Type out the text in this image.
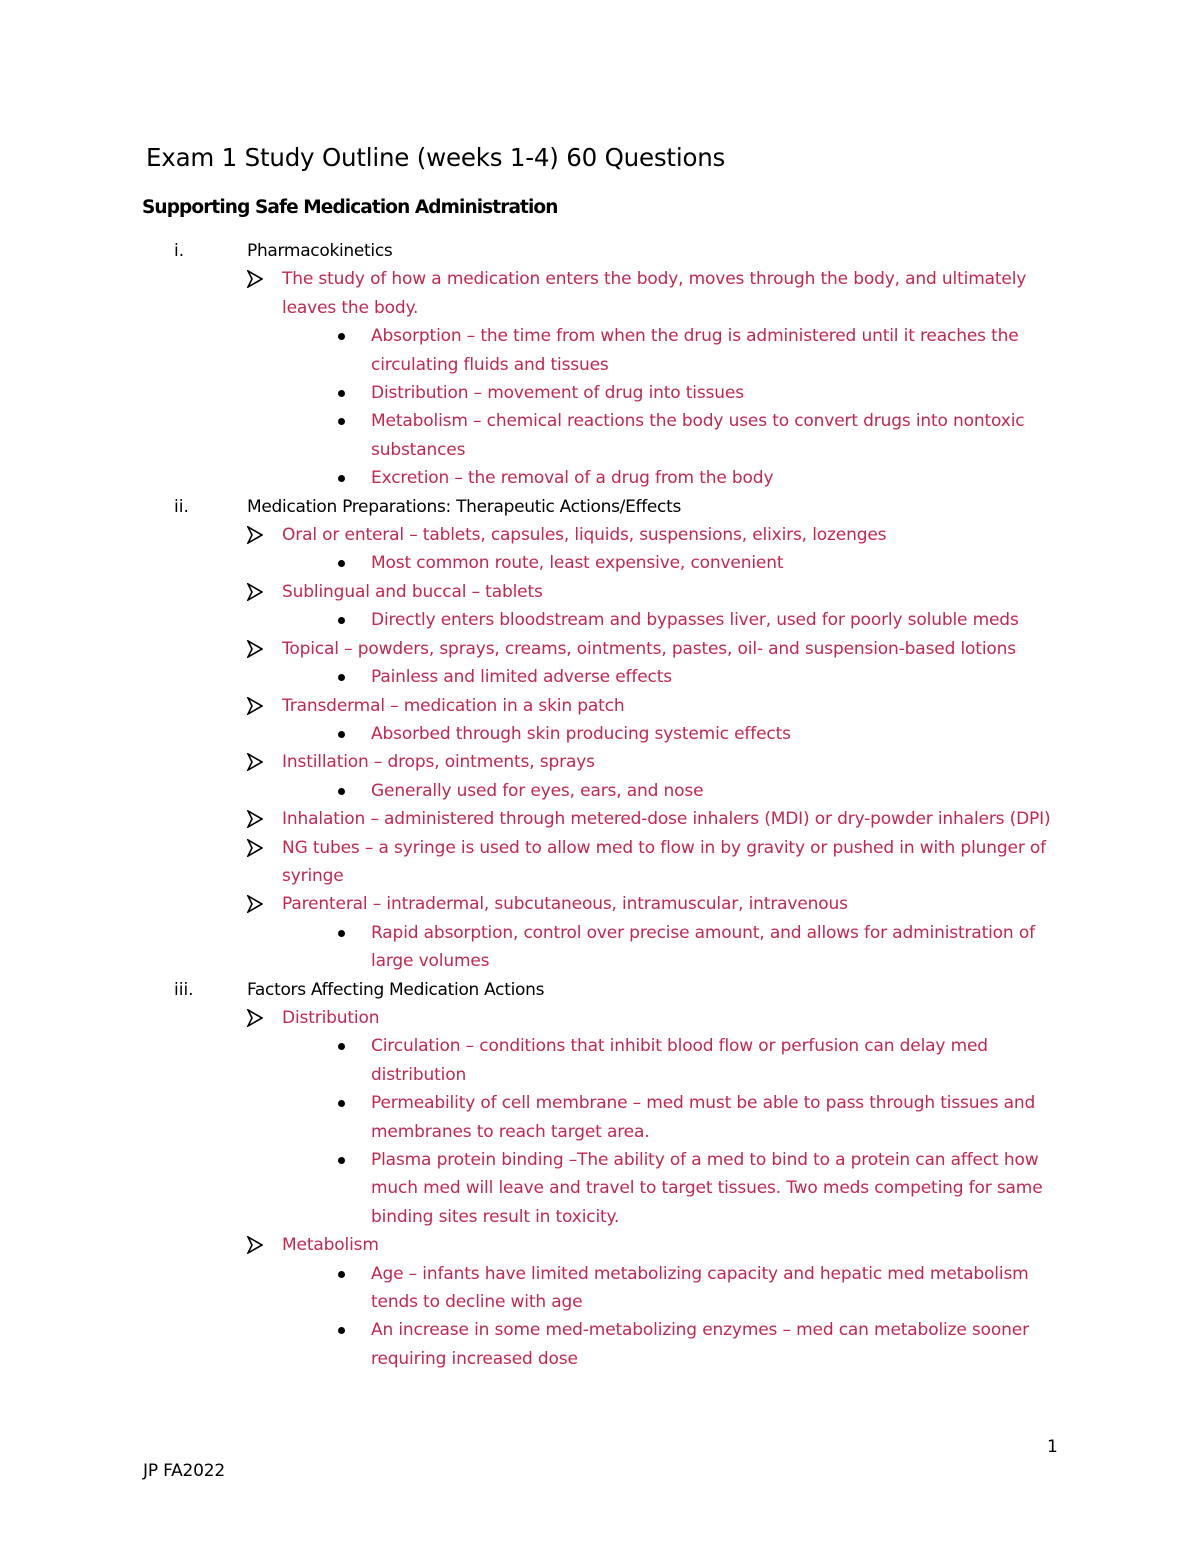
Exam 1 Study Outline (weeks 1-4) 60 Questions
Supporting Safe Medication Administration
i.	Pharmacokinetics
The study of how a medication enters the body, moves through the body, and ultimately leaves the body.
Absorption – the time from when the drug is administered until it reaches the circulating fluids and tissues
Distribution – movement of drug into tissues
Metabolism – chemical reactions the body uses to convert drugs into nontoxic substances
Excretion – the removal of a drug from the body
ii.	Medication Preparations: Therapeutic Actions/Effects
Oral or enteral – tablets, capsules, liquids, suspensions, elixirs, lozenges
Most common route, least expensive, convenient
Sublingual and buccal – tablets
Directly enters bloodstream and bypasses liver, used for poorly soluble meds
Topical – powders, sprays, creams, ointments, pastes, oil- and suspension-based lotions
Painless and limited adverse effects
Transdermal – medication in a skin patch
Absorbed through skin producing systemic effects
Instillation – drops, ointments, sprays
Generally used for eyes, ears, and nose
Inhalation – administered through metered-dose inhalers (MDI) or dry-powder inhalers (DPI)
NG tubes – a syringe is used to allow med to flow in by gravity or pushed in with plunger of syringe
Parenteral – intradermal, subcutaneous, intramuscular, intravenous
Rapid absorption, control over precise amount, and allows for administration of large volumes
iii.	Factors Affecting Medication Actions
Distribution
Circulation – conditions that inhibit blood flow or perfusion can delay med distribution
Permeability of cell membrane – med must be able to pass through tissues and membranes to reach target area.
Plasma protein binding –The ability of a med to bind to a protein can affect how much med will leave and travel to target tissues. Two meds competing for same binding sites result in toxicity.
Metabolism
Age – infants have limited metabolizing capacity and hepatic med metabolism tends to decline with age
An increase in some med-metabolizing enzymes – med can metabolize sooner requiring increased dose
1
JP FA2022
